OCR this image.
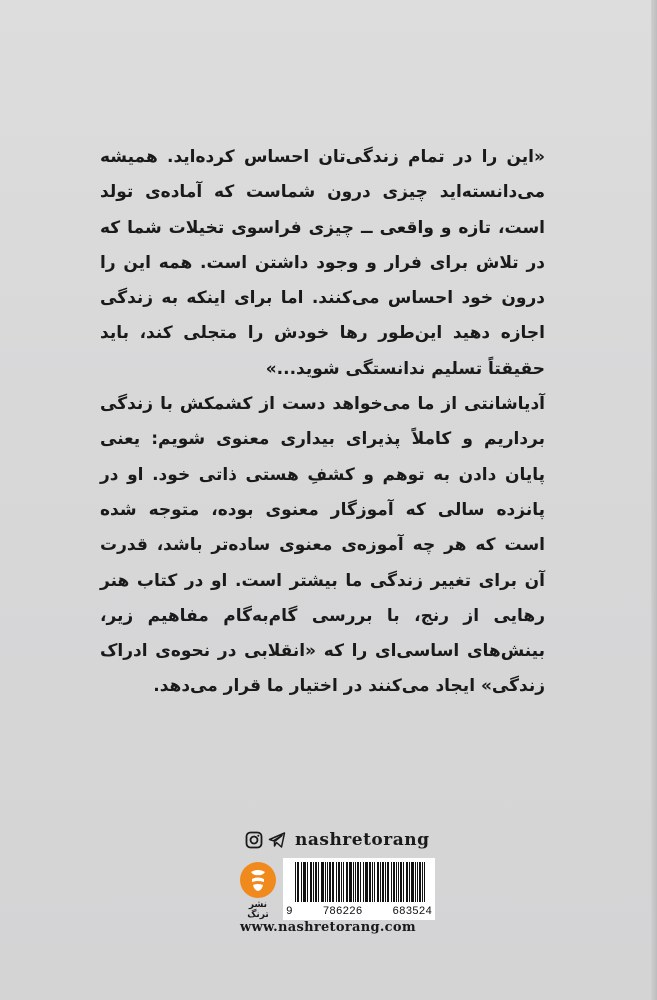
«این را در تمام زندگی‌تان احساس کرده‌اید. همیشه می‌دانسته‌اید چیزی درون شماست که آماده‌ی تولد است، تازه و واقعی ــ چیزی فراسوی تخیلات شما که در تلاش برای فرار و وجود داشتن است. همه این را درون خود احساس می‌کنند. اما برای اینکه به زندگی اجازه دهید این‌طور رها خودش را متجلی کند، باید حقیقتاً تسلیم ندانستگی شوید...»

آدیاشانتی از ما می‌خواهد دست از کشمکش با زندگی برداریم و کاملاً پذیرای بیداری معنوی شویم: یعنی پایان دادن به توهم و کشفِ هستی ذاتی خود. او در پانزده سالی که آموزگار معنوی بوده، متوجه شده است که هر چه آموزه‌ی معنوی ساده‌تر باشد، قدرت آن برای تغییر زندگی ما بیشتر است. او در کتاب هنر رهایی از رنج، با بررسی گام‌به‌گام مفاهیم زیر، بینش‌های اساسی‌ای را که «انقلابی در نحوه‌ی ادراک زندگی» ایجاد می‌کنند در اختیار ما قرار می‌دهد.

nashretorang
نشر ترنگ	9	786226	683524
www.nashretorang.com
